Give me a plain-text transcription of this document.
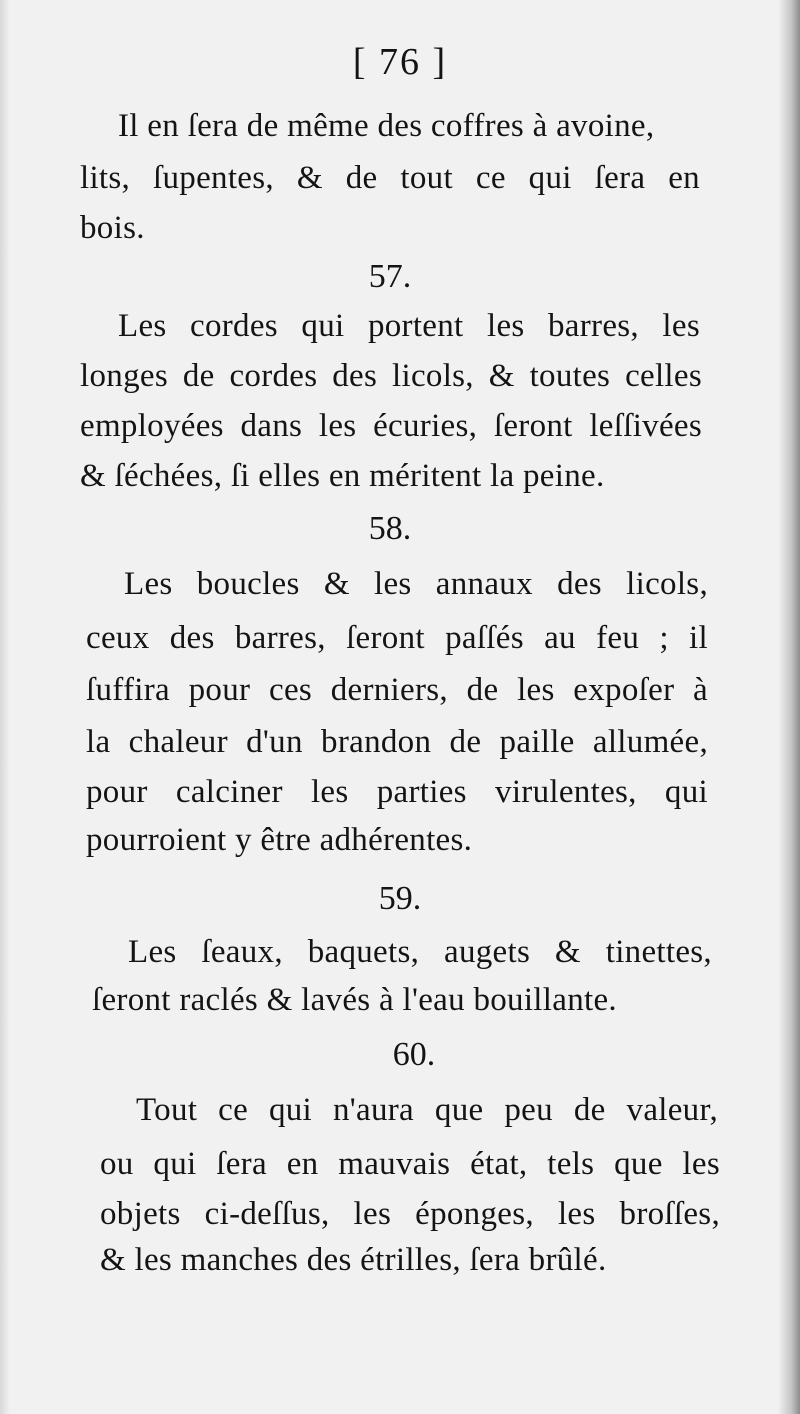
[ 76 ]
Il en ſera de même des coffres à avoine,
lits, ſupentes, & de tout ce qui ſera en
bois.
57.
Les cordes qui portent les barres, les
longes de cordes des licols, & toutes celles
employées dans les écuries, ſeront leſſivées
& ſéchées, ſi elles en méritent la peine.
58.
Les boucles & les annaux des licols,
ceux des barres, ſeront paſſés au feu ; il
ſuffira pour ces derniers, de les expoſer à
la chaleur d'un brandon de paille allumée,
pour calciner les parties virulentes, qui
pourroient y être adhérentes.
59.
Les ſeaux, baquets, augets & tinettes,
ſeront raclés & lavés à l'eau bouillante.
60.
Tout ce qui n'aura que peu de valeur,
ou qui ſera en mauvais état, tels que les
objets ci-deſſus, les éponges, les broſſes,
& les manches des étrilles, ſera brûlé.
